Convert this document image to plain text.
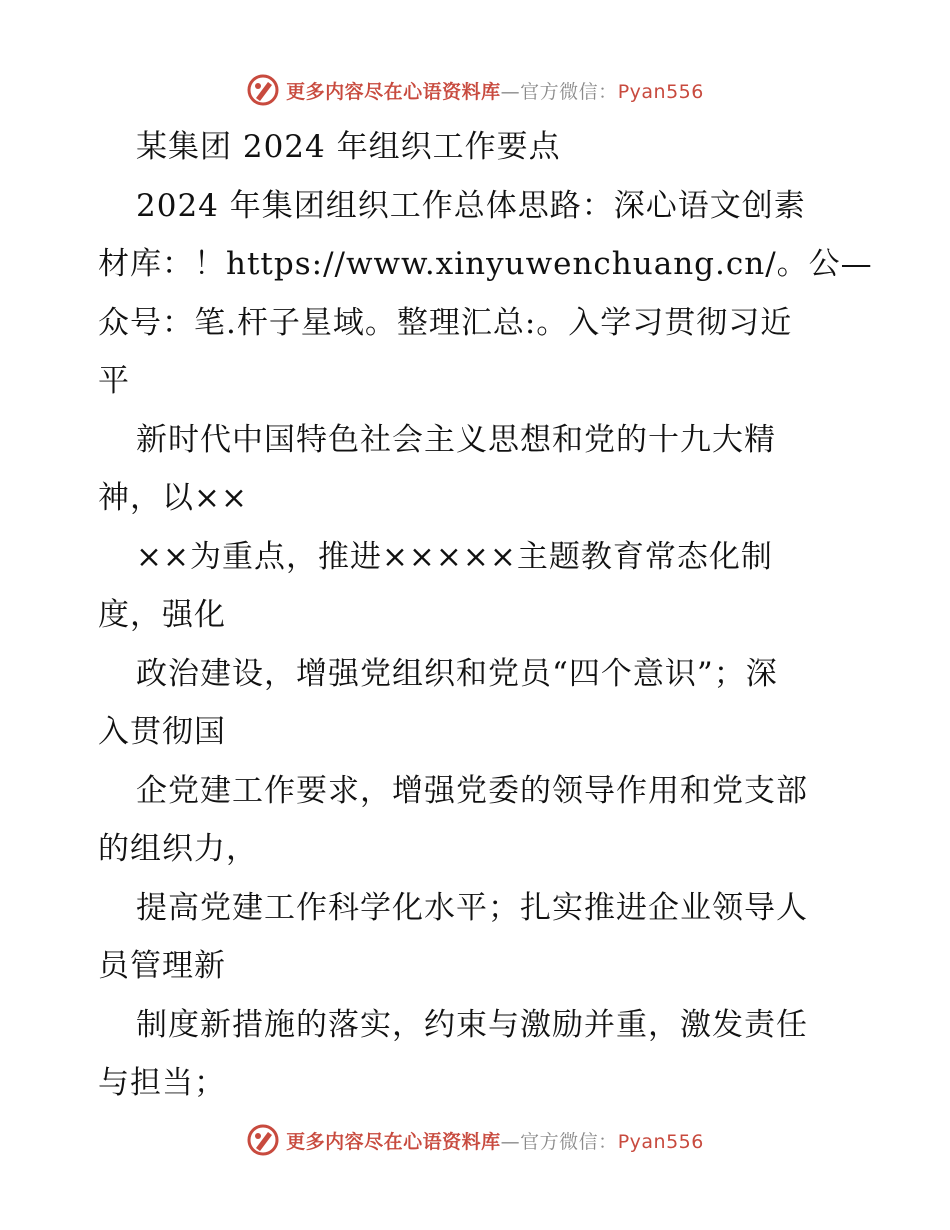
更多内容尽在心语资料库—官方微信：Pyan556
某集团 2024 年组织工作要点
2024 年集团组织工作总体思路：深心语文创素
材库：！https://www.xinyuwenchuang.cn/。公—
众号：笔.杆子星域。整理汇总:。入学习贯彻习近
平
新时代中国特色社会主义思想和党的十九大精
神，以××
××为重点，推进×××××主题教育常态化制
度，强化
政治建设，增强党组织和党员“四个意识”；深
入贯彻国
企党建工作要求，增强党委的领导作用和党支部
的组织力，
提高党建工作科学化水平；扎实推进企业领导人
员管理新
制度新措施的落实，约束与激励并重，激发责任
与担当；
更多内容尽在心语资料库—官方微信：Pyan556
